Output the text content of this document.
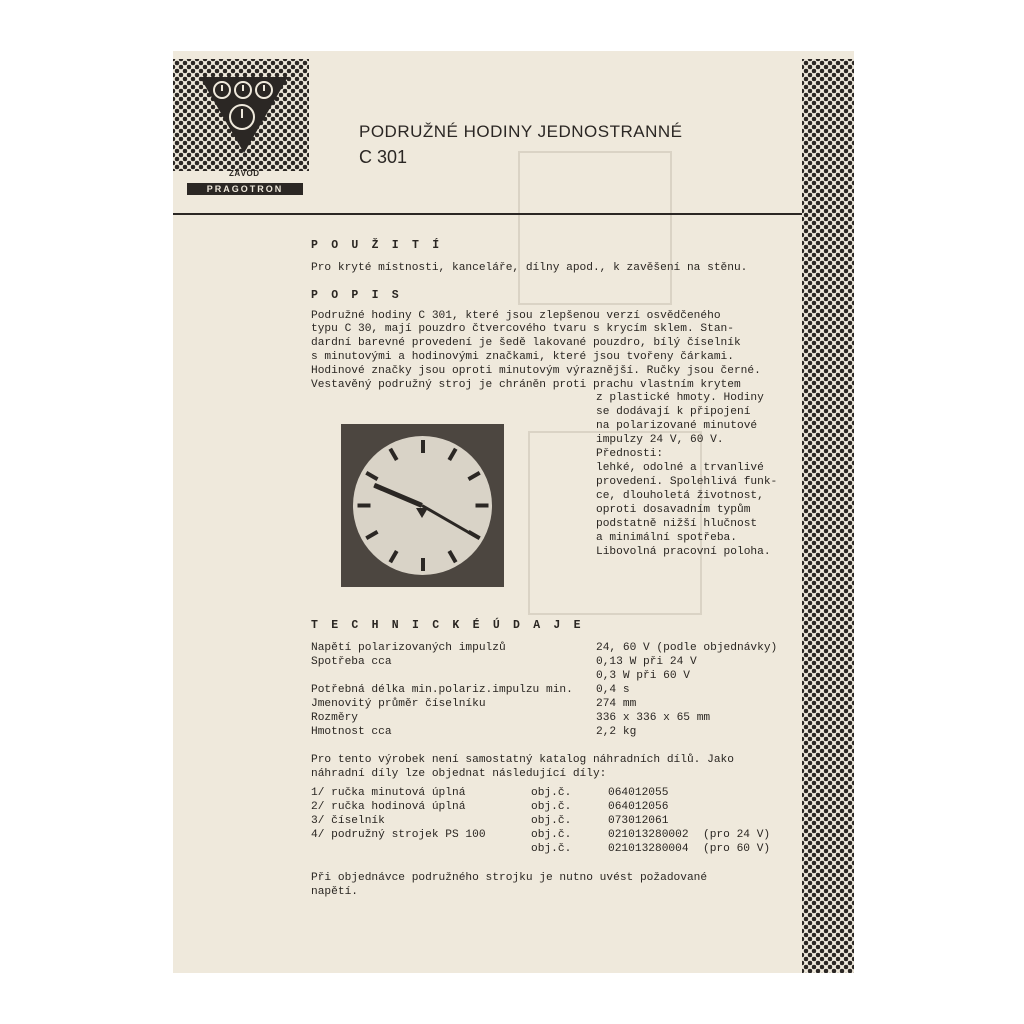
ZÁVOD
PRAGOTRON
PODRUŽNÉ HODINY JEDNOSTRANNÉ
C 301
P O U Ž I T Í
Pro kryté místnosti, kanceláře, dílny apod., k zavěšení na stěnu.
P O P I S
Podružné hodiny C 301, které jsou zlepšenou verzí osvědčeného
typu C 30, mají pouzdro čtvercového tvaru s krycím sklem. Stan-
dardní barevné provedení je šedě lakované pouzdro, bílý číselník
s minutovými a hodinovými značkami, které jsou tvořeny čárkami.
Hodinové značky jsou oproti minutovým výraznější. Ručky jsou černé.
Vestavěný podružný stroj je chráněn proti prachu vlastním krytem
z plastické hmoty. Hodiny
se dodávají k připojení
na polarizované minutové
impulzy 24 V, 60 V.
Přednosti:
lehké, odolné a trvanlivé
provedení. Spolehlivá funk-
ce, dlouholetá životnost,
oproti dosavadním typům
podstatně nižší hlučnost
a minimální spotřeba.
Libovolná pracovní poloha.
T E C H N I C K É Ú D A J E
Napětí polarizovaných impulzů	24, 60 V (podle objednávky)
Spotřeba cca	0,13 W při 24 V
0,3 W při 60 V
Potřebná délka min.polariz.impulzu min. 0,4 s
Jmenovitý průměr číselníku	274 mm
Rozměry	336 x 336 x 65 mm
Hmotnost cca	2,2 kg
Pro tento výrobek není samostatný katalog náhradních dílů. Jako
náhradní díly lze objednat následující díly:
1/ ručka minutová úplná	obj.č.	064012055
2/ ručka hodinová úplná	obj.č.	064012056
3/ číselník	obj.č.	073012061
4/ podružný strojek PS 100	obj.č.	021013280002 (pro 24 V)
obj.č.	021013280004 (pro 60 V)
Při objednávce podružného strojku je nutno uvést požadované
napětí.
